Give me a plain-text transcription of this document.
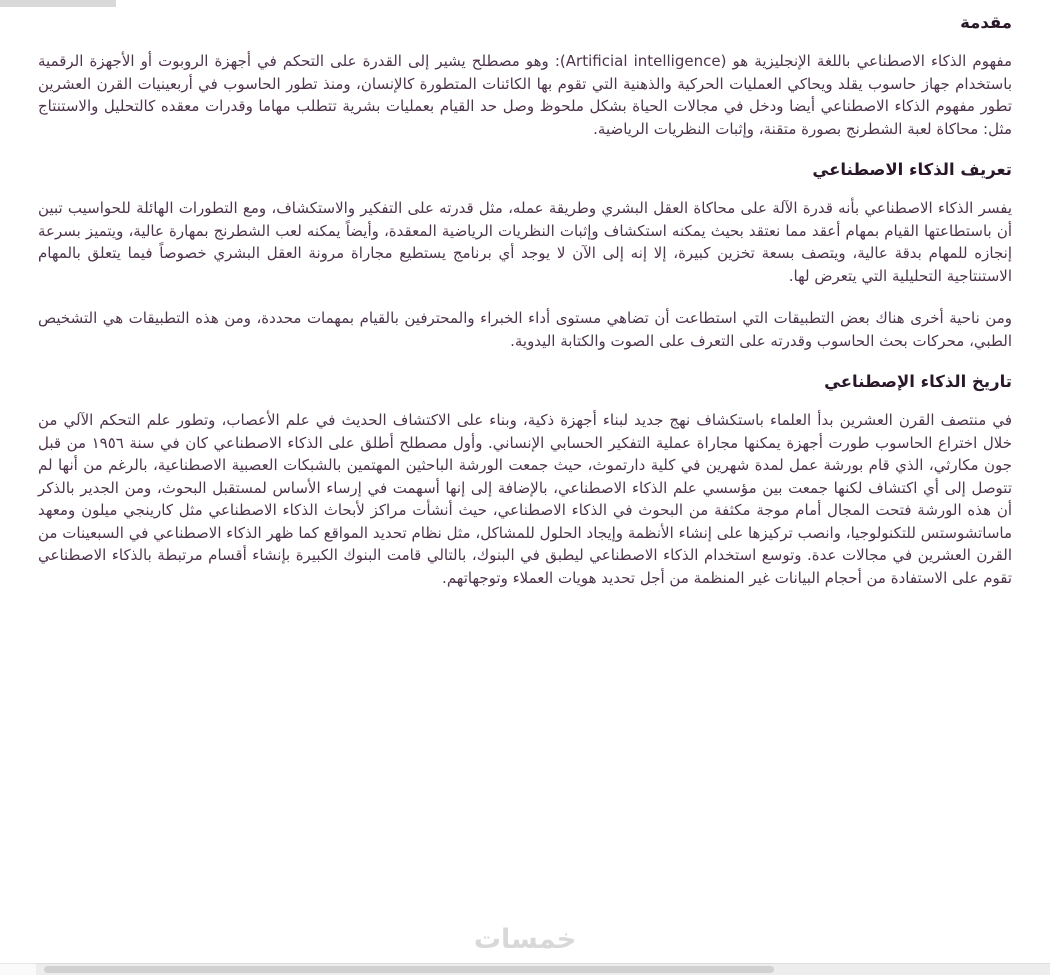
مقدمة

مفهوم الذكاء الاصطناعي باللغة الإنجليزية هو (Artificial intelligence): وهو مصطلح يشير إلى القدرة على التحكم في أجهزة الروبوت أو الأجهزة الرقمية باستخدام جهاز حاسوب يقلد ويحاكي العمليات الحركية والذهنية التي تقوم بها الكائنات المتطورة كالإنسان، ومنذ تطور الحاسوب في أربعينيات القرن العشرين تطور مفهوم الذكاء الاصطناعي أيضا ودخل في مجالات الحياة بشكل ملحوظ وصل حد القيام بعمليات بشرية تتطلب مهاما وقدرات معقده كالتحليل والاستنتاج مثل: محاكاة لعبة الشطرنج بصورة متقنة، وإثبات النظريات الرياضية.

تعريف الذكاء الاصطناعي

يفسر الذكاء الاصطناعي بأنه قدرة الآلة على محاكاة العقل البشري وطريقة عمله، مثل قدرته على التفكير والاستكشاف، ومع التطورات الهائلة للحواسيب تبين أن باستطاعتها القيام بمهام أعقد مما نعتقد بحيث يمكنه استكشاف وإثبات النظريات الرياضية المعقدة، وأيضاً يمكنه لعب الشطرنج بمهارة عالية، ويتميز بسرعة إنجازه للمهام بدقة عالية، ويتصف بسعة تخزين كبيرة، إلا إنه إلى الآن لا يوجد أي برنامج يستطيع مجاراة مرونة العقل البشري خصوصاً فيما يتعلق بالمهام الاستنتاجية التحليلية التي يتعرض لها.

ومن ناحية أخرى هناك بعض التطبيقات التي استطاعت أن تضاهي مستوى أداء الخبراء والمحترفين بالقيام بمهمات محددة، ومن هذه التطبيقات هي التشخيص الطبي، محركات بحث الحاسوب وقدرته على التعرف على الصوت والكتابة اليدوية.

تاريخ الذكاء الإصطناعي

في منتصف القرن العشرين بدأ العلماء باستكشاف نهج جديد لبناء أجهزة ذكية، وبناء على الاكتشاف الحديث في علم الأعصاب، وتطور علم التحكم الآلي من خلال اختراع الحاسوب طورت أجهزة يمكنها مجاراة عملية التفكير الحسابي الإنساني. وأول مصطلح أطلق على الذكاء الاصطناعي كان في سنة ١٩٥٦ من قبل جون مكارثي، الذي قام بورشة عمل لمدة شهرين في كلية دارتموث، حيث جمعت الورشة الباحثين المهتمين بالشبكات العصبية الاصطناعية، بالرغم من أنها لم تتوصل إلى أي اكتشاف لكنها جمعت بين مؤسسي علم الذكاء الاصطناعي، بالإضافة إلى إنها أسهمت في إرساء الأساس لمستقبل البحوث، ومن الجدير بالذكر أن هذه الورشة فتحت المجال أمام موجة مكثفة من البحوث في الذكاء الاصطناعي، حيث أنشأت مراكز لأبحاث الذكاء الاصطناعي مثل كارينجي ميلون ومعهد ماساتشوستس للتكنولوجيا، وانصب تركيزها على إنشاء الأنظمة وإيجاد الحلول للمشاكل، مثل نظام تحديد المواقع كما ظهر الذكاء الاصطناعي في السبعينات من القرن العشرين في مجالات عدة. وتوسع استخدام الذكاء الاصطناعي ليطبق في البنوك، بالتالي قامت البنوك الكبيرة بإنشاء أقسام مرتبطة بالذكاء الاصطناعي تقوم على الاستفادة من أحجام البيانات غير المنظمة من أجل تحديد هويات العملاء وتوجهاتهم.

خمسات
